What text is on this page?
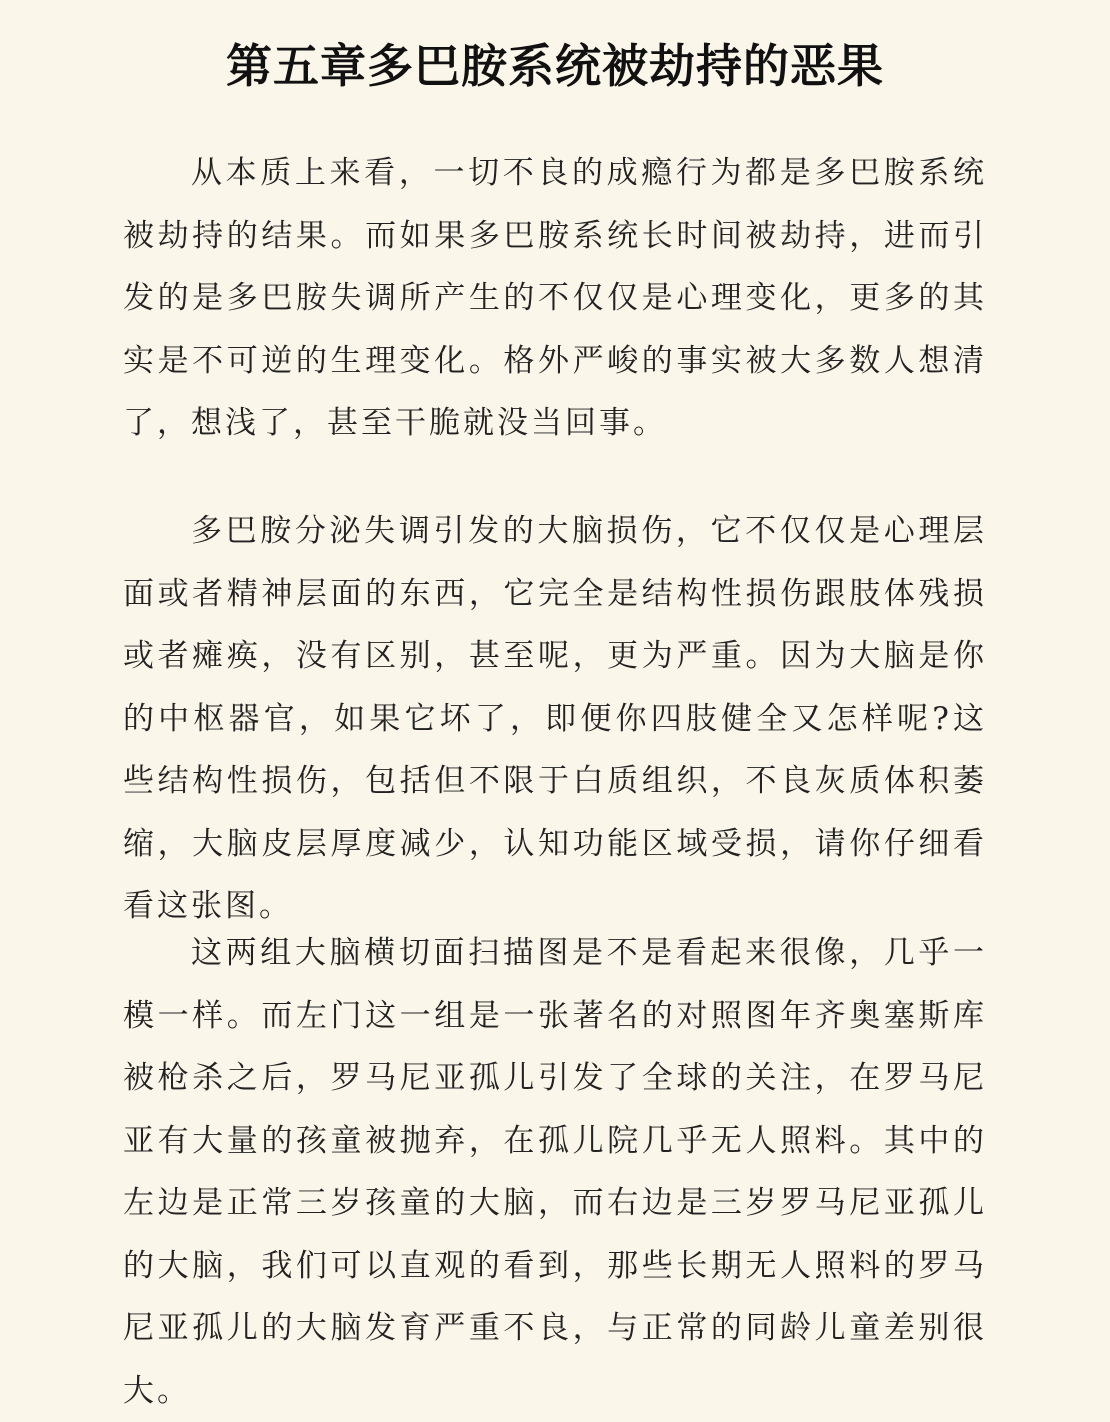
第五章多巴胺系统被劫持的恶果

从本质上来看，一切不良的成瘾行为都是多巴胺系统被劫持的结果。而如果多巴胺系统长时间被劫持，进而引发的是多巴胺失调所产生的不仅仅是心理变化，更多的其实是不可逆的生理变化。格外严峻的事实被大多数人想清了，想浅了，甚至干脆就没当回事。

多巴胺分泌失调引发的大脑损伤，它不仅仅是心理层面或者精神层面的东西，它完全是结构性损伤跟肢体残损或者瘫痪，没有区别，甚至呢，更为严重。因为大脑是你的中枢器官，如果它坏了，即便你四肢健全又怎样呢?这些结构性损伤，包括但不限于白质组织，不良灰质体积萎缩，大脑皮层厚度减少，认知功能区域受损，请你仔细看看这张图。

这两组大脑横切面扫描图是不是看起来很像，几乎一模一样。而左门这一组是一张著名的对照图年齐奥塞斯库被枪杀之后，罗马尼亚孤儿引发了全球的关注，在罗马尼亚有大量的孩童被抛弃，在孤儿院几乎无人照料。其中的左边是正常三岁孩童的大脑，而右边是三岁罗马尼亚孤儿的大脑，我们可以直观的看到，那些长期无人照料的罗马尼亚孤儿的大脑发育严重不良，与正常的同龄儿童差别很大。
